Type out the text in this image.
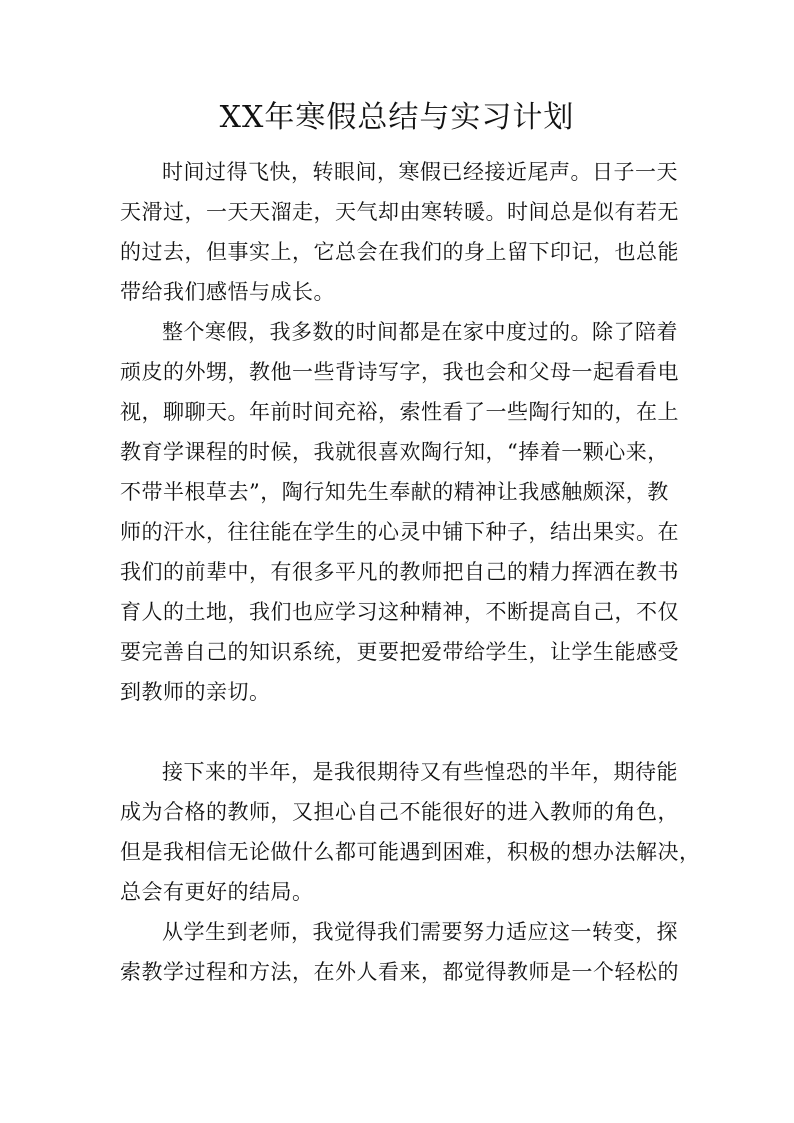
XX年寒假总结与实习计划
时间过得飞快，转眼间，寒假已经接近尾声。日子一天
天滑过，一天天溜走，天气却由寒转暖。时间总是似有若无
的过去，但事实上，它总会在我们的身上留下印记，也总能
带给我们感悟与成长。
整个寒假，我多数的时间都是在家中度过的。除了陪着
顽皮的外甥，教他一些背诗写字，我也会和父母一起看看电
视，聊聊天。年前时间充裕，索性看了一些陶行知的，在上
教育学课程的时候，我就很喜欢陶行知，“捧着一颗心来，
不带半根草去”，陶行知先生奉献的精神让我感触颇深，教
师的汗水，往往能在学生的心灵中铺下种子，结出果实。在
我们的前辈中，有很多平凡的教师把自己的精力挥洒在教书
育人的土地，我们也应学习这种精神，不断提高自己，不仅
要完善自己的知识系统，更要把爱带给学生，让学生能感受
到教师的亲切。
接下来的半年，是我很期待又有些惶恐的半年，期待能
成为合格的教师，又担心自己不能很好的进入教师的角色，
但是我相信无论做什么都可能遇到困难，积极的想办法解决，
总会有更好的结局。
从学生到老师，我觉得我们需要努力适应这一转变，探
索教学过程和方法，在外人看来，都觉得教师是一个轻松的
